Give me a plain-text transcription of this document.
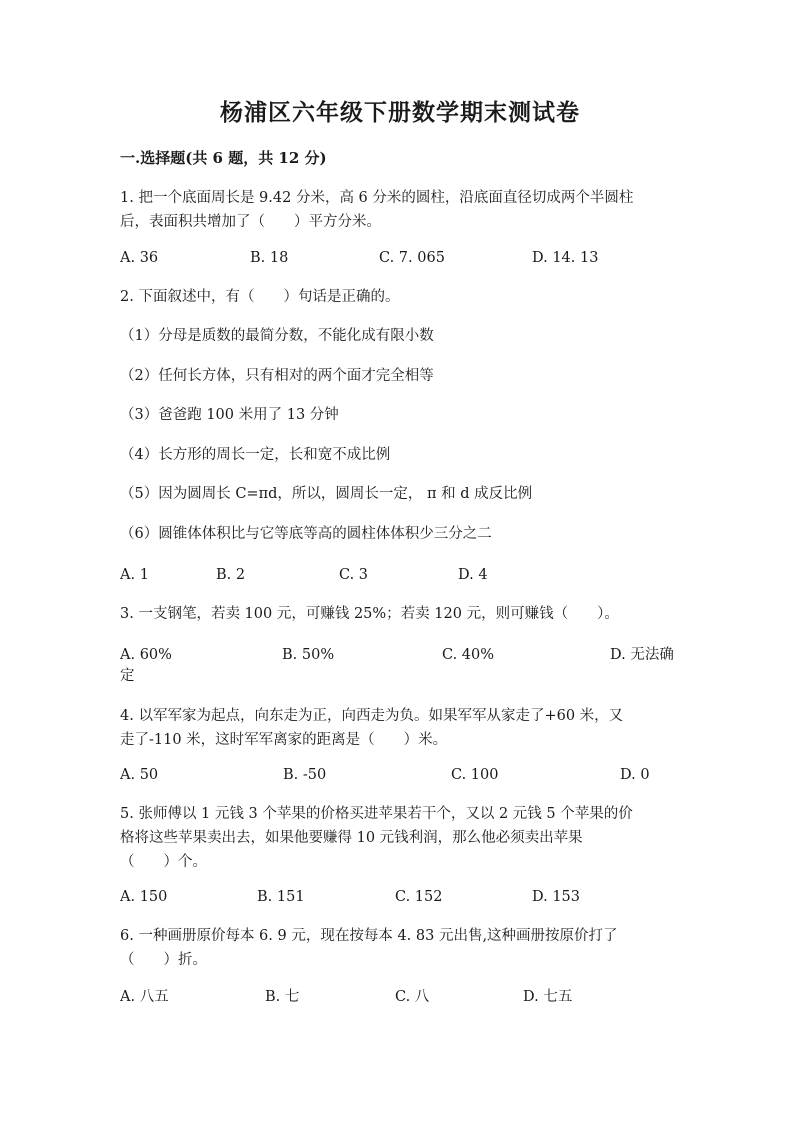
杨浦区六年级下册数学期末测试卷

一.选择题(共 6 题，共 12 分)

1. 把一个底面周长是 9.42 分米，高 6 分米的圆柱，沿底面直径切成两个半圆柱

后，表面积共增加了（　　）平方分米。

A. 36	B. 18	C. 7. 065	D. 14. 13

2. 下面叙述中，有（　　）句话是正确的。

（1）分母是质数的最简分数，不能化成有限小数

（2）任何长方体，只有相对的两个面才完全相等

（3）爸爸跑 100 米用了 13 分钟

（4）长方形的周长一定，长和宽不成比例

（5）因为圆周长 C=πd，所以，圆周长一定， π 和 d 成反比例

（6）圆锥体体积比与它等底等高的圆柱体体积少三分之二

A. 1	B. 2	C. 3	D. 4

3. 一支钢笔，若卖 100 元，可赚钱 25%；若卖 120 元，则可赚钱（　　）。

A. 60%	B. 50%	C. 40%	D. 无法确

定

4. 以军军家为起点，向东走为正，向西走为负。如果军军从家走了+60 米，又

走了-110 米，这时军军离家的距离是（　　）米。

A. 50	B. -50	C. 100	D. 0

5. 张师傅以 1 元钱 3 个苹果的价格买进苹果若干个，又以 2 元钱 5 个苹果的价

格将这些苹果卖出去，如果他要赚得 10 元钱利润，那么他必须卖出苹果

（　　）个。

A. 150	B. 151	C. 152	D. 153

6. 一种画册原价每本 6. 9 元，现在按每本 4. 83 元出售,这种画册按原价打了

（　　）折。

A. 八五	B. 七	C. 八	D. 七五
